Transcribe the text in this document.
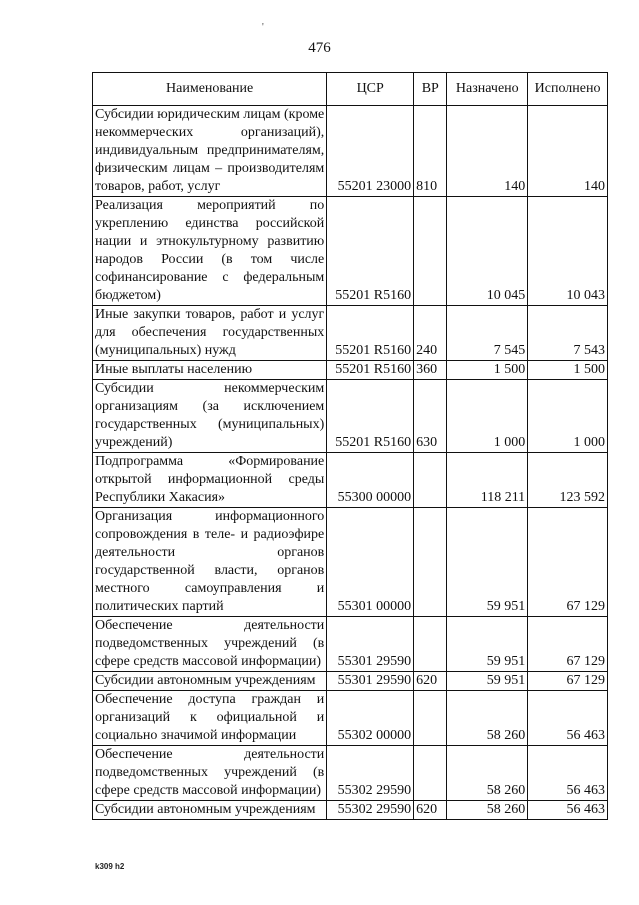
'
476
Наименование	ЦСР	ВР	Назначено	Исполнено
Субсидии юридическим лицам (кроме некоммерческих организаций), индивидуальным предпринимателям, физическим лицам – производителям товаров, работ, услуг	55201 23000	810	140	140
Реализация мероприятий по укреплению единства российской нации и этнокультурному развитию народов России (в том числе софинансирование с федеральным бюджетом)	55201 R5160		10 045	10 043
Иные закупки товаров, работ и услуг для обеспечения государственных (муниципальных) нужд	55201 R5160	240	7 545	7 543
Иные выплаты населению	55201 R5160	360	1 500	1 500
Субсидии некоммерческим организациям (за исключением государственных (муниципальных) учреждений)	55201 R5160	630	1 000	1 000
Подпрограмма «Формирование открытой информационной среды Республики Хакасия»	55300 00000		118 211	123 592
Организация информационного сопровождения в теле- и радиоэфире деятельности органов государственной власти, органов местного самоуправления и политических партий	55301 00000		59 951	67 129
Обеспечение деятельности подведомственных учреждений (в сфере средств массовой информации)	55301 29590		59 951	67 129
Субсидии автономным учреждениям	55301 29590	620	59 951	67 129
Обеспечение доступа граждан и организаций к официальной и социально значимой информации	55302 00000		58 260	56 463
Обеспечение деятельности подведомственных учреждений (в сфере средств массовой информации)	55302 29590		58 260	56 463
Субсидии автономным учреждениям	55302 29590	620	58 260	56 463
k309 h2
